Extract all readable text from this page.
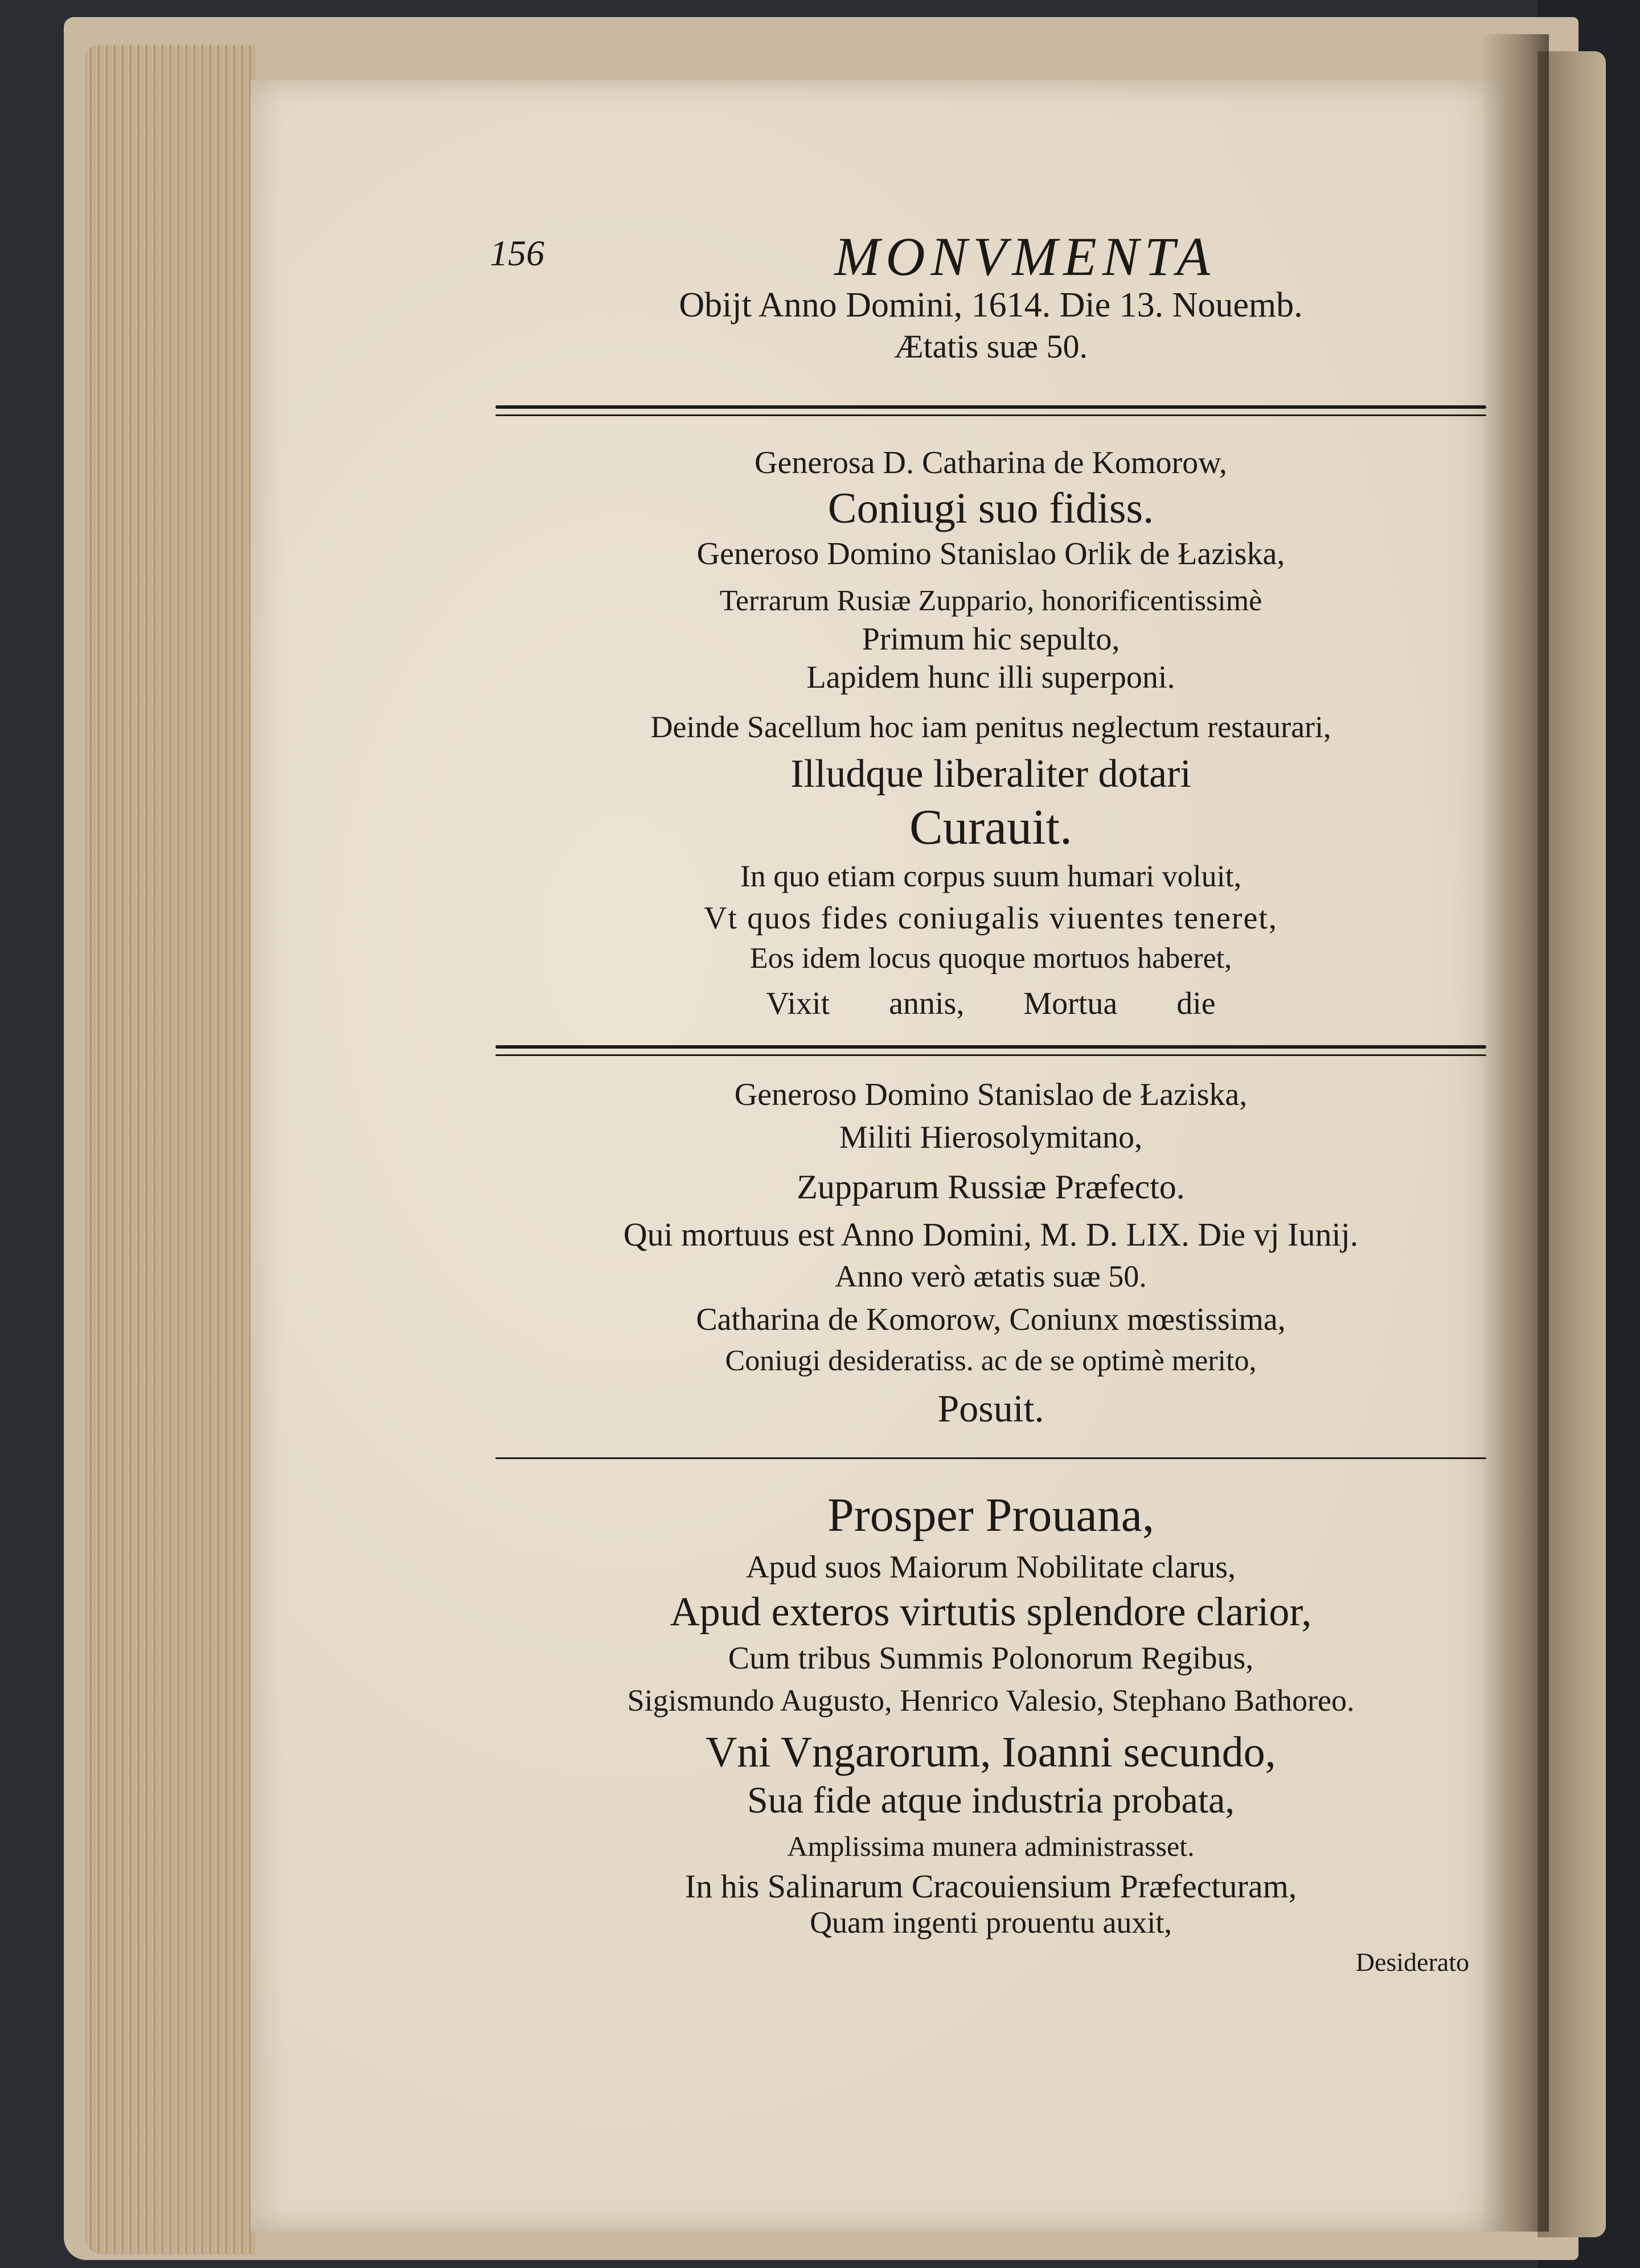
156	MONVMENTA
Obijt Anno Domini, 1614. Die 13. Nouemb.
Ætatis suæ 50.
Generosa D. Catharina de Komorow,
Coniugi suo fidiss.
Generoso Domino Stanislao Orlik de Łaziska,
Terrarum Rusiæ Zuppario, honorificentissimè
Primum hic sepulto,
Lapidem hunc illi superponi.
Deinde Sacellum hoc iam penitus neglectum restaurari,
Illudque liberaliter dotari
Curauit.
In quo etiam corpus suum humari voluit,
Vt quos fides coniugalis viuentes teneret,
Eos idem locus quoque mortuos haberet,
Vixit annis, Mortua die
Generoso Domino Stanislao de Łaziska,
Militi Hierosolymitano,
Zupparum Russiæ Præfecto.
Qui mortuus est Anno Domini, M. D. LIX. Die vj Iunij.
Anno verò ætatis suæ 50.
Catharina de Komorow, Coniunx mœstissima,
Coniugi desideratiss. ac de se optimè merito,
Posuit.
Prosper Prouana,
Apud suos Maiorum Nobilitate clarus,
Apud exteros virtutis splendore clarior,
Cum tribus Summis Polonorum Regibus,
Sigismundo Augusto, Henrico Valesio, Stephano Bathoreo.
Vni Vngarorum, Ioanni secundo,
Sua fide atque industria probata,
Amplissima munera administrasset.
In his Salinarum Cracouiensium Præfecturam,
Quam ingenti prouentu auxit,
Desiderato
